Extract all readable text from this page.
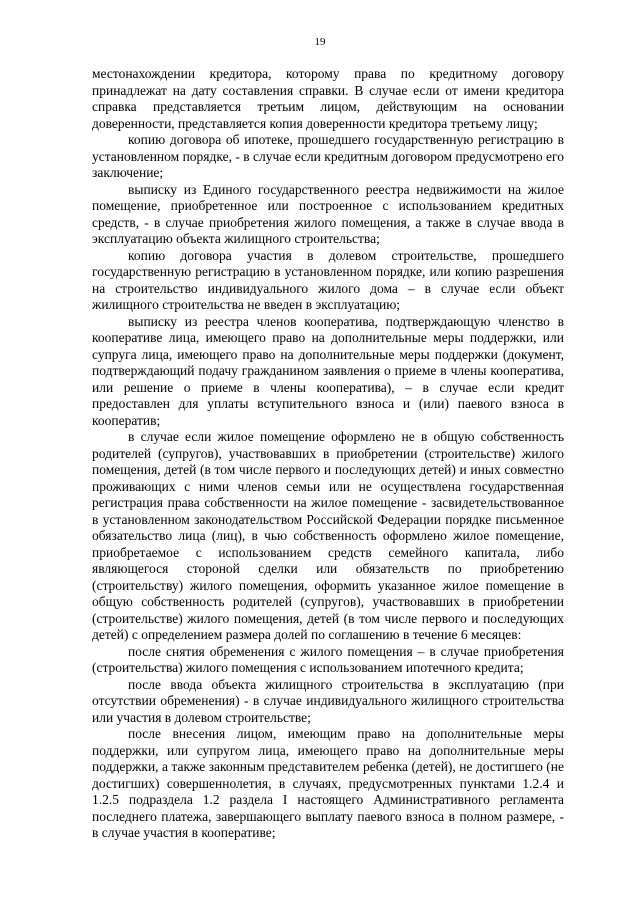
19

местонахождении кредитора, которому права по кредитному договору принадлежат на дату составления справки. В случае если от имени кредитора справка представляется третьим лицом, действующим на основании доверенности, представляется копия доверенности кредитора третьему лицу;

копию договора об ипотеке, прошедшего государственную регистрацию в установленном порядке, - в случае если кредитным договором предусмотрено его заключение;

выписку из Единого государственного реестра недвижимости на жилое помещение, приобретенное или построенное с использованием кредитных средств, - в случае приобретения жилого помещения, а также в случае ввода в эксплуатацию объекта жилищного строительства;

копию договора участия в долевом строительстве, прошедшего государственную регистрацию в установленном порядке, или копию разрешения на строительство индивидуального жилого дома – в случае если объект жилищного строительства не введен в эксплуатацию;

выписку из реестра членов кооператива, подтверждающую членство в кооперативе лица, имеющего право на дополнительные меры поддержки, или супруга лица, имеющего право на дополнительные меры поддержки (документ, подтверждающий подачу гражданином заявления о приеме в члены кооператива, или решение о приеме в члены кооператива), – в случае если кредит предоставлен для уплаты вступительного взноса и (или) паевого взноса в кооператив;

в случае если жилое помещение оформлено не в общую собственность родителей (супругов), участвовавших в приобретении (строительстве) жилого помещения, детей (в том числе первого и последующих детей) и иных совместно проживающих с ними членов семьи или не осуществлена государственная регистрация права собственности на жилое помещение - засвидетельствованное в установленном законодательством Российской Федерации порядке письменное обязательство лица (лиц), в чью собственность оформлено жилое помещение, приобретаемое с использованием средств семейного капитала, либо являющегося стороной сделки или обязательств по приобретению (строительству) жилого помещения, оформить указанное жилое помещение в общую собственность родителей (супругов), участвовавших в приобретении (строительстве) жилого помещения, детей (в том числе первого и последующих детей) с определением размера долей по соглашению в течение 6 месяцев:

после снятия обременения с жилого помещения – в случае приобретения (строительства) жилого помещения с использованием ипотечного кредита;

после ввода объекта жилищного строительства в эксплуатацию (при отсутствии обременения) - в случае индивидуального жилищного строительства или участия в долевом строительстве;

после внесения лицом, имеющим право на дополнительные меры поддержки, или супругом лица, имеющего право на дополнительные меры поддержки, а также законным представителем ребенка (детей), не достигшего (не достигших) совершеннолетия, в случаях, предусмотренных пунктами 1.2.4 и 1.2.5 подраздела 1.2 раздела I настоящего Административного регламента последнего платежа, завершающего выплату паевого взноса в полном размере, - в случае участия в кооперативе;
